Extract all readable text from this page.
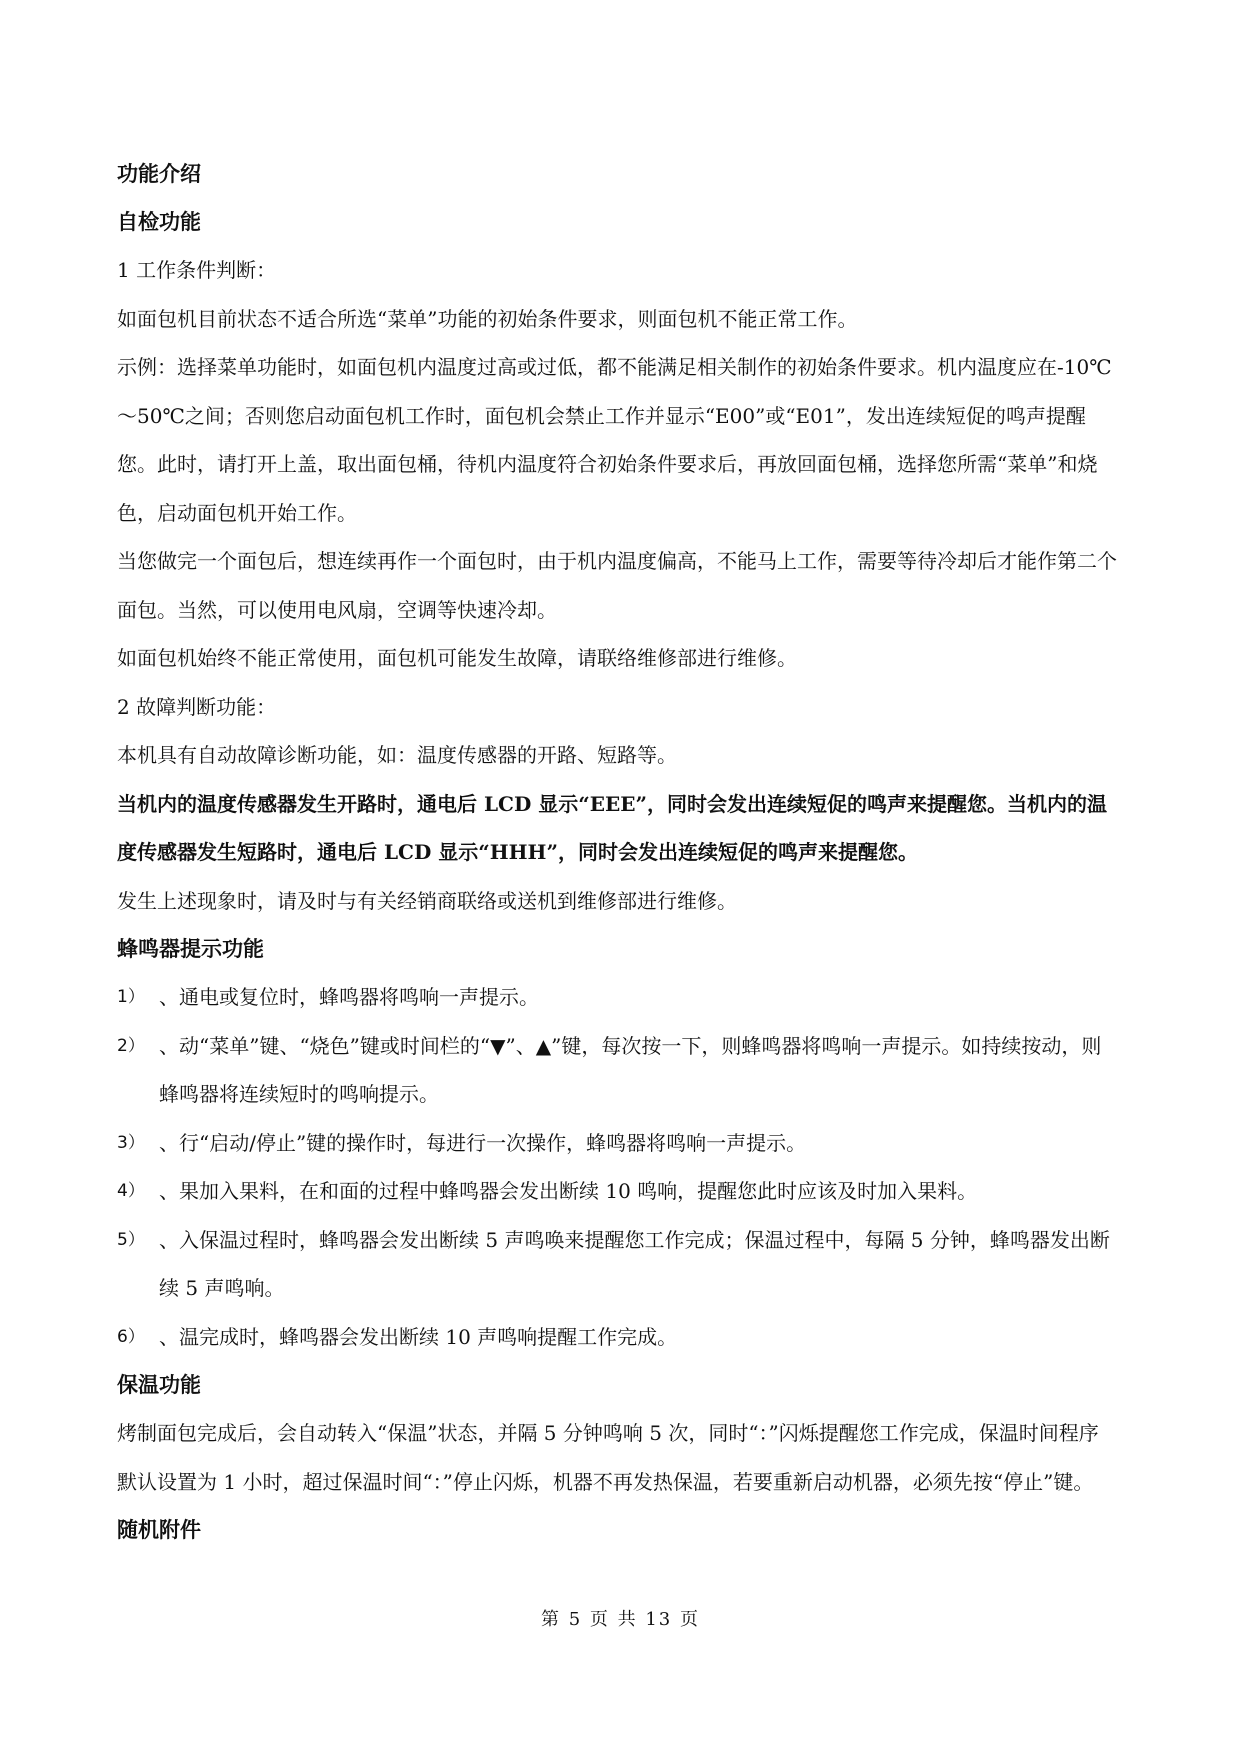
功能介绍

自检功能

1 工作条件判断：

如面包机目前状态不适合所选“菜单”功能的初始条件要求，则面包机不能正常工作。

示例：选择菜单功能时，如面包机内温度过高或过低，都不能满足相关制作的初始条件要求。机内温度应在-10℃～50℃之间；否则您启动面包机工作时，面包机会禁止工作并显示“E00”或“E01”，发出连续短促的鸣声提醒您。此时，请打开上盖，取出面包桶，待机内温度符合初始条件要求后，再放回面包桶，选择您所需“菜单”和烧色，启动面包机开始工作。

当您做完一个面包后，想连续再作一个面包时，由于机内温度偏高，不能马上工作，需要等待冷却后才能作第二个面包。当然，可以使用电风扇，空调等快速冷却。

如面包机始终不能正常使用，面包机可能发生故障，请联络维修部进行维修。

2 故障判断功能：

本机具有自动故障诊断功能，如：温度传感器的开路、短路等。

当机内的温度传感器发生开路时，通电后 LCD 显示“EEE”，同时会发出连续短促的鸣声来提醒您。当机内的温度传感器发生短路时，通电后 LCD 显示“HHH”，同时会发出连续短促的鸣声来提醒您。

发生上述现象时，请及时与有关经销商联络或送机到维修部进行维修。

蜂鸣器提示功能

1） 、通电或复位时，蜂鸣器将鸣响一声提示。
2） 、动“菜单”键、“烧色”键或时间栏的“▼”、▲”键，每次按一下，则蜂鸣器将鸣响一声提示。如持续按动，则蜂鸣器将连续短时的鸣响提示。
3） 、行“启动/停止”键的操作时，每进行一次操作，蜂鸣器将鸣响一声提示。
4） 、果加入果料，在和面的过程中蜂鸣器会发出断续 10 鸣响，提醒您此时应该及时加入果料。
5） 、入保温过程时，蜂鸣器会发出断续 5 声鸣唤来提醒您工作完成；保温过程中，每隔 5 分钟，蜂鸣器发出断续 5 声鸣响。
6） 、温完成时，蜂鸣器会发出断续 10 声鸣响提醒工作完成。

保温功能

烤制面包完成后，会自动转入“保温”状态，并隔 5 分钟鸣响 5 次，同时“：”闪烁提醒您工作完成，保温时间程序默认设置为 1 小时，超过保温时间“：”停止闪烁，机器不再发热保温，若要重新启动机器，必须先按“停止”键。

随机附件

第 5 页 共 13 页
